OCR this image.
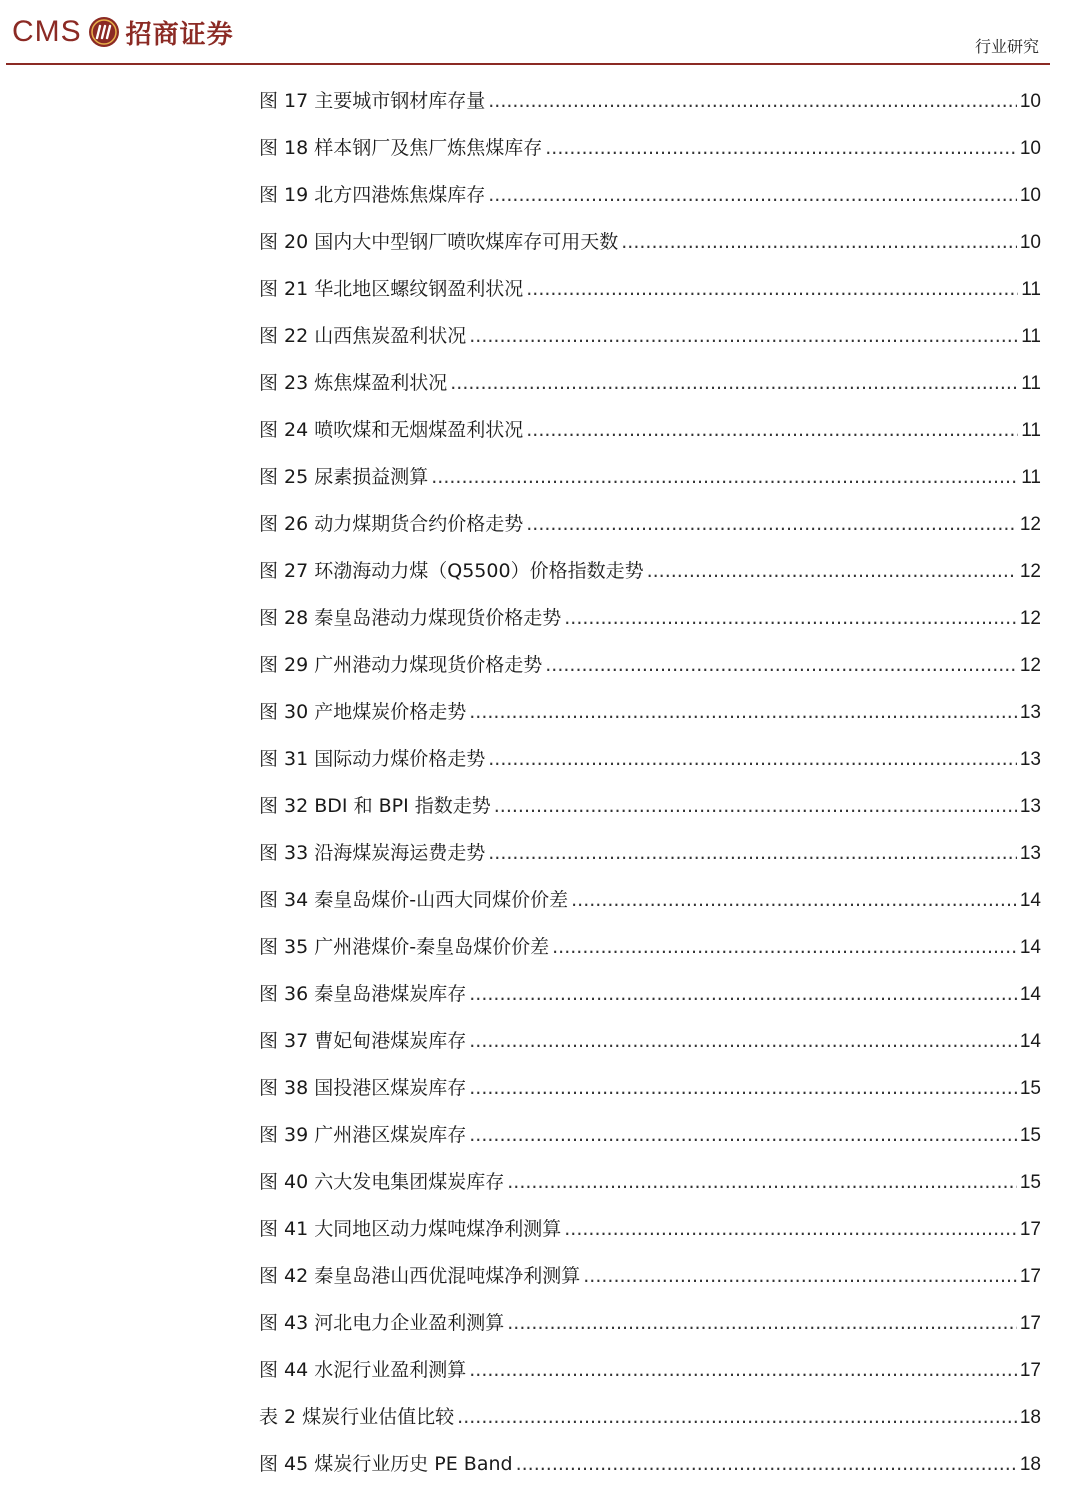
CMS 招商证券	行业研究
图 17 主要城市钢材库存量 .....	10
图 18 样本钢厂及焦厂炼焦煤库存 .....	10
图 19 北方四港炼焦煤库存 .....	10
图 20 国内大中型钢厂喷吹煤库存可用天数 .....	10
图 21 华北地区螺纹钢盈利状况 .....	11
图 22 山西焦炭盈利状况 .....	11
图 23 炼焦煤盈利状况 .....	11
图 24 喷吹煤和无烟煤盈利状况 .....	11
图 25 尿素损益测算 .....	11
图 26 动力煤期货合约价格走势 .....	12
图 27 环渤海动力煤（Q5500）价格指数走势 .....	12
图 28 秦皇岛港动力煤现货价格走势 .....	12
图 29 广州港动力煤现货价格走势 .....	12
图 30 产地煤炭价格走势 .....	13
图 31 国际动力煤价格走势 .....	13
图 32 BDI 和 BPI 指数走势 .....	13
图 33 沿海煤炭海运费走势 .....	13
图 34 秦皇岛煤价-山西大同煤价价差 .....	14
图 35 广州港煤价-秦皇岛煤价价差 .....	14
图 36 秦皇岛港煤炭库存 .....	14
图 37 曹妃甸港煤炭库存 .....	14
图 38 国投港区煤炭库存 .....	15
图 39 广州港区煤炭库存 .....	15
图 40 六大发电集团煤炭库存 .....	15
图 41 大同地区动力煤吨煤净利测算 .....	17
图 42 秦皇岛港山西优混吨煤净利测算 .....	17
图 43 河北电力企业盈利测算 .....	17
图 44 水泥行业盈利测算 .....	17
表 2 煤炭行业估值比较 .....	18
图 45 煤炭行业历史 PE Band .....	18
